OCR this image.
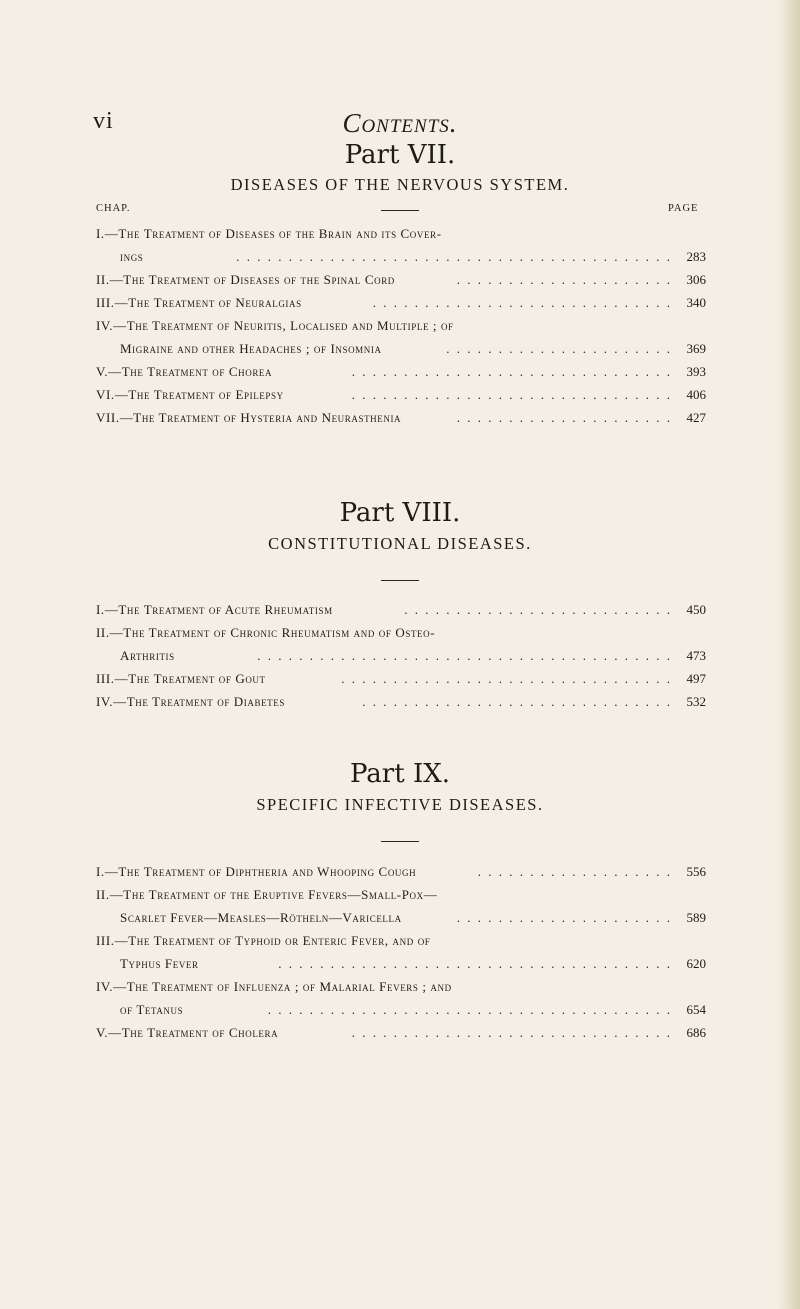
vi	Contents.
Part VII.
DISEASES OF THE NERVOUS SYSTEM.
CHAP.	PAGE
I.—The Treatment of Diseases of the Brain and its Cover-
ings	. . . . . . . . . . . . . . . . . . . . . . . . . . . . . . . . . . . . . . . . . .	283
II.—The Treatment of Diseases of the Spinal Cord	. . . . . . . . . . . . . . . . . . . . .	306
III.—The Treatment of Neuralgias	. . . . . . . . . . . . . . . . . . . . . . . . . . . . .	340
IV.—The Treatment of Neuritis, Localised and Multiple ; of
Migraine and other Headaches ; of Insomnia	. . . . . . . . . . . . . . . . . . . . . .	369
V.—The Treatment of Chorea	. . . . . . . . . . . . . . . . . . . . . . . . . . . . . . .	393
VI.—The Treatment of Epilepsy	. . . . . . . . . . . . . . . . . . . . . . . . . . . . . . .	406
VII.—The Treatment of Hysteria and Neurasthenia	. . . . . . . . . . . . . . . . . . . . .	427
Part VIII.
CONSTITUTIONAL DISEASES.
I.—The Treatment of Acute Rheumatism	. . . . . . . . . . . . . . . . . . . . . . . . . .	450
II.—The Treatment of Chronic Rheumatism and of Osteo-
Arthritis	. . . . . . . . . . . . . . . . . . . . . . . . . . . . . . . . . . . . . . . .	473
III.—The Treatment of Gout	. . . . . . . . . . . . . . . . . . . . . . . . . . . . . . . .	497
IV.—The Treatment of Diabetes	. . . . . . . . . . . . . . . . . . . . . . . . . . . . . .	532
Part IX.
SPECIFIC INFECTIVE DISEASES.
I.—The Treatment of Diphtheria and Whooping Cough	. . . . . . . . . . . . . . . . . . .	556
II.—The Treatment of the Eruptive Fevers—Small-Pox—
Scarlet Fever—Measles—Rötheln—Varicella	. . . . . . . . . . . . . . . . . . . . .	589
III.—The Treatment of Typhoid or Enteric Fever, and of
Typhus Fever	. . . . . . . . . . . . . . . . . . . . . . . . . . . . . . . . . . . . . .	620
IV.—The Treatment of Influenza ; of Malarial Fevers ; and
of Tetanus	. . . . . . . . . . . . . . . . . . . . . . . . . . . . . . . . . . . . . . .	654
V.—The Treatment of Cholera	. . . . . . . . . . . . . . . . . . . . . . . . . . . . . . .	686
